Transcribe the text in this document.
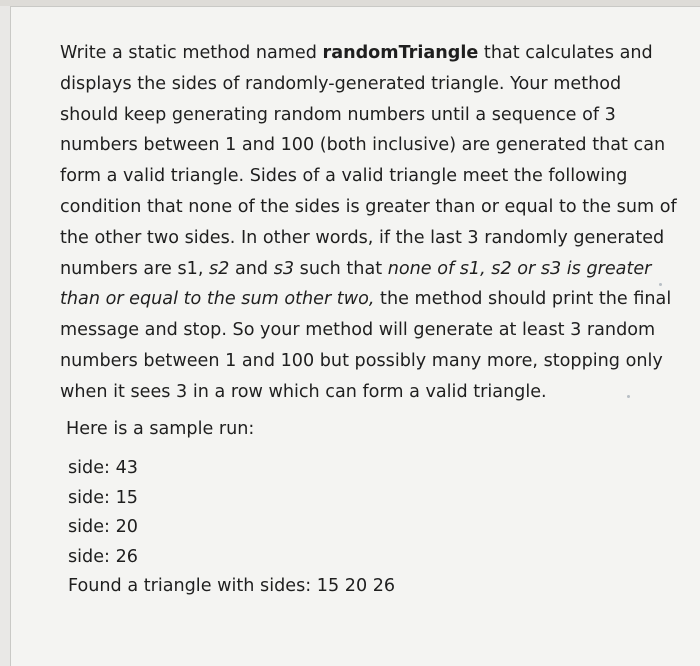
Write a static method named randomTriangle that calculates and displays the sides of randomly-generated triangle. Your method should keep generating random numbers until a sequence of 3 numbers between 1 and 100 (both inclusive) are generated that can form a valid triangle. Sides of a valid triangle meet the following condition that none of the sides is greater than or equal to the sum of the other two sides. In other words, if the last 3 randomly generated numbers are s1, s2 and s3 such that none of s1, s2 or s3 is greater than or equal to the sum other two, the method should print the final message and stop. So your method will generate at least 3 random numbers between 1 and 100 but possibly many more, stopping only when it sees 3 in a row which can form a valid triangle.

Here is a sample run:

side: 43
side: 15
side: 20
side: 26
Found a triangle with sides: 15 20 26
